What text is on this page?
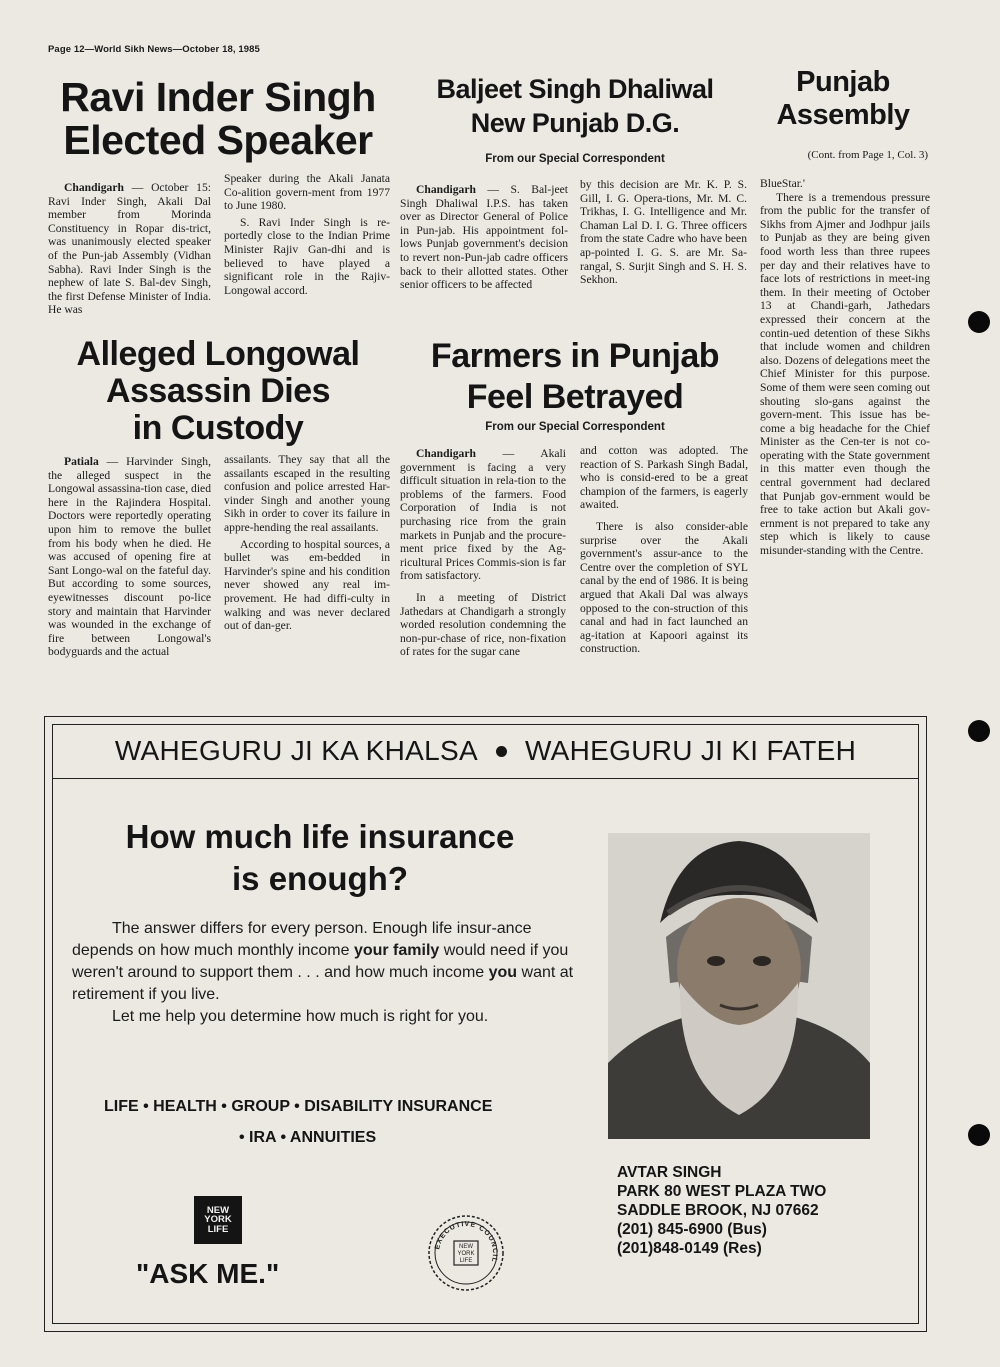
Page 12—World Sikh News—October 18, 1985
Ravi Inder Singh
Elected Speaker

Chandigarh — October 15: Ravi Inder Singh, Akali Dal member from Morinda Constituency in Ropar dis-trict, was unanimously elected speaker of the Pun-jab Assembly (Vidhan Sabha). Ravi Inder Singh is the nephew of late S. Bal-dev Singh, the first Defense Minister of India. He was

Speaker during the Akali Janata Co-alition govern-ment from 1977 to June 1980.

S. Ravi Inder Singh is re-portedly close to the Indian Prime Minister Rajiv Gan-dhi and is believed to have played a significant role in the Rajiv-Longowal accord.

Baljeet Singh Dhaliwal
New Punjab D.G.
From our Special Correspondent

Chandigarh — S. Bal-jeet Singh Dhaliwal I.P.S. has taken over as Director General of Police in Pun-jab. His appointment fol-lows Punjab government's decision to revert non-Pun-jab cadre officers back to their allotted states. Other senior officers to be affected

by this decision are Mr. K. P. S. Gill, I. G. Opera-tions, Mr. M. C. Trikhas, I. G. Intelligence and Mr. Chaman Lal D. I. G. Three officers from the state Cadre who have been ap-pointed I. G. S. are Mr. Sa-rangal, S. Surjit Singh and S. H. S. Sekhon.

Punjab
Assembly
(Cont. from Page 1, Col. 3)

BlueStar.'

There is a tremendous pressure from the public for the transfer of Sikhs from Ajmer and Jodhpur jails to Punjab as they are being given food worth less than three rupees per day and their relatives have to face lots of restrictions in meet-ing them. In their meeting of October 13 at Chandi-garh, Jathedars expressed their concern at the contin-ued detention of these Sikhs that include women and children also. Dozens of delegations meet the Chief Minister for this purpose. Some of them were seen coming out shouting slo-gans against the govern-ment. This issue has be-come a big headache for the Chief Minister as the Cen-ter is not co-operating with the State government in this matter even though the central government had declared that Punjab gov-ernment would be free to take action but Akali gov-ernment is not prepared to take any step which is likely to cause misunder-standing with the Centre.

Alleged Longowal
Assassin Dies
in Custody

Patiala — Harvinder Singh, the alleged suspect in the Longowal assassina-tion case, died here in the Rajindera Hospital. Doctors were reportedly operating upon him to remove the bullet from his body when he died. He was accused of opening fire at Sant Longo-wal on the fateful day. But according to some sources, eyewitnesses discount po-lice story and maintain that Harvinder was wounded in the exchange of fire between Longowal's bodyguards and the actual

assailants. They say that all the assailants escaped in the resulting confusion and police arrested Har-vinder Singh and another young Sikh in order to cover its failure in appre-hending the real assailants.

According to hospital sources, a bullet was em-bedded in Harvinder's spine and his condition never showed any real im-provement. He had diffi-culty in walking and was never declared out of dan-ger.

Farmers in Punjab
Feel Betrayed
From our Special Correspondent

Chandigarh — Akali government is facing a very difficult situation in rela-tion to the problems of the farmers. Food Corporation of India is not purchasing rice from the grain markets in Punjab and the procure-ment price fixed by the Ag-ricultural Prices Commis-sion is far from satisfactory.

In a meeting of District Jathedars at Chandigarh a strongly worded resolution condemning the non-pur-chase of rice, non-fixation of rates for the sugar cane

and cotton was adopted. The reaction of S. Parkash Singh Badal, who is consid-ered to be a great champion of the farmers, is eagerly awaited.

There is also consider-able surprise over the Akali government's assur-ance to the Centre over the completion of SYL canal by the end of 1986. It is being argued that Akali Dal was always opposed to the con-struction of this canal and had in fact launched an ag-itation at Kapoori against its construction.

WAHEGURU JI KA KHALSA WAHEGURU JI KI FATEH
How much life insurance
is enough?
The answer differs for every person. Enough life insur-ance depends on how much monthly income your family would need if you weren't around to support them . . . and how much income you want at retirement if you live.
Let me help you determine how much is right for you.
LIFE • HEALTH • GROUP • DISABILITY INSURANCE
• IRA • ANNUITIES
NEW
YORK
LIFE
"ASK ME."
EXECUTIVE COUNCIL
NEW
YORK
LIFE
AVTAR SINGH
PARK 80 WEST PLAZA TWO
SADDLE BROOK, NJ 07662
(201) 845-6900 (Bus)
(201)848-0149 (Res)
